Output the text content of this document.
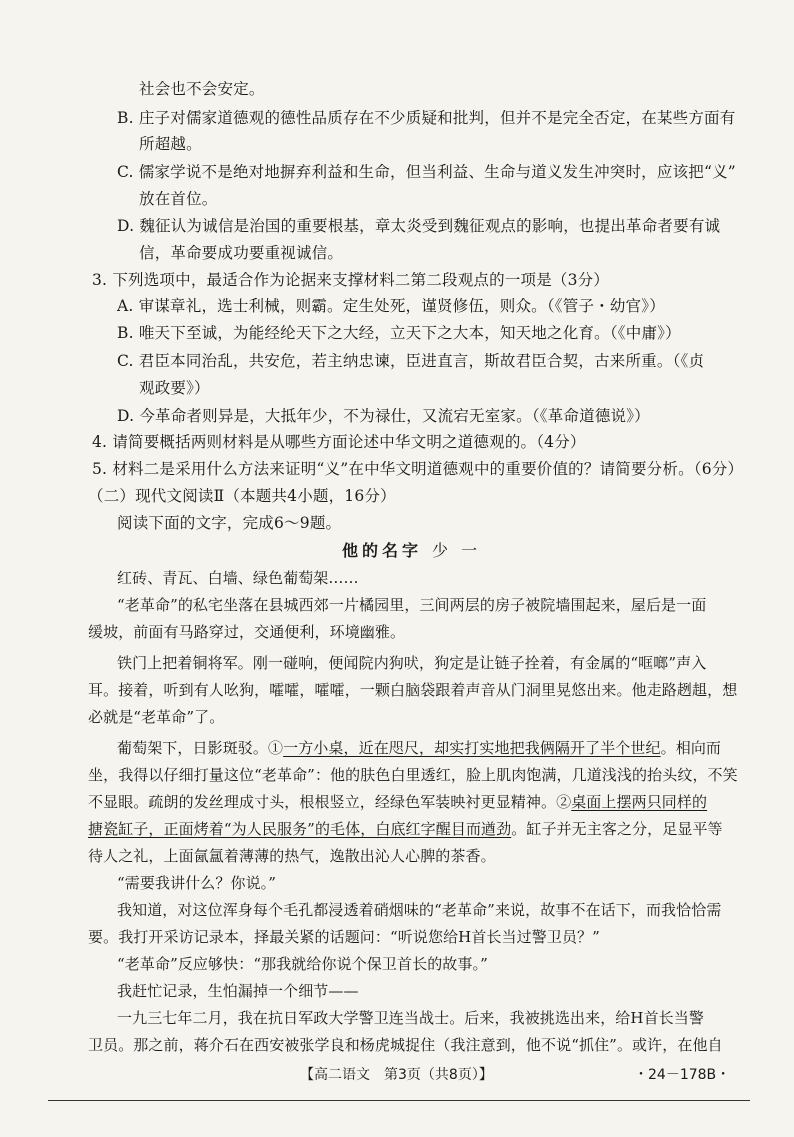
社会也不会安定。
B. 庄子对儒家道德观的德性品质存在不少质疑和批判，但并不是完全否定，在某些方面有
所超越。
C. 儒家学说不是绝对地摒弃利益和生命，但当利益、生命与道义发生冲突时，应该把“义”
放在首位。
D. 魏征认为诚信是治国的重要根基，章太炎受到魏征观点的影响，也提出革命者要有诚
信，革命要成功要重视诚信。
3. 下列选项中，最适合作为论据来支撑材料二第二段观点的一项是（3分）
A. 审谋章礼，选士利械，则霸。定生处死，谨贤修伍，则众。（《管子・幼官》）
B. 唯天下至诚，为能经纶天下之大经，立天下之大本，知天地之化育。（《中庸》）
C. 君臣本同治乱，共安危，若主纳忠谏，臣进直言，斯故君臣合契，古来所重。（《贞
观政要》）
D. 今革命者则异是，大抵年少，不为禄仕，又流宕无室家。（《革命道德说》）
4. 请简要概括两则材料是从哪些方面论述中华文明之道德观的。（4分）
5. 材料二是采用什么方法来证明“义”在中华文明道德观中的重要价值的？请简要分析。（6分）
（二）现代文阅读Ⅱ（本题共4小题，16分）
阅读下面的文字，完成6～9题。
他的名字 少 一
红砖、青瓦、白墙、绿色葡萄架……
“老革命”的私宅坐落在县城西郊一片橘园里，三间两层的房子被院墙围起来，屋后是一面
缓坡，前面有马路穿过，交通便利，环境幽雅。
铁门上把着铜将军。刚一碰响，便闻院内狗吠，狗定是让链子拴着，有金属的“哐啷”声入
耳。接着，听到有人吆狗，嚯嚯，嚯嚯，一颗白脑袋跟着声音从门洞里晃悠出来。他走路趔趄，想
必就是“老革命”了。
葡萄架下，日影斑驳。①一方小桌，近在咫尺，却实打实地把我俩隔开了半个世纪。相向而
坐，我得以仔细打量这位“老革命”：他的肤色白里透红，脸上肌肉饱满，几道浅浅的抬头纹，不笑
不显眼。疏朗的发丝理成寸头，根根竖立，经绿色军装映衬更显精神。②桌面上摆两只同样的
搪瓷缸子，正面烤着“为人民服务”的毛体，白底红字醒目而遒劲。缸子并无主客之分，足显平等
待人之礼，上面氤氲着薄薄的热气，逸散出沁人心脾的茶香。
“需要我讲什么？你说。”
我知道，对这位浑身每个毛孔都浸透着硝烟味的“老革命”来说，故事不在话下，而我恰恰需
要。我打开采访记录本，择最关紧的话题问：“听说您给H首长当过警卫员？”
“老革命”反应够快：“那我就给你说个保卫首长的故事。”
我赶忙记录，生怕漏掉一个细节——
一九三七年二月，我在抗日军政大学警卫连当战士。后来，我被挑选出来，给H首长当警
卫员。那之前，蒋介石在西安被张学良和杨虎城捉住（我注意到，他不说“抓住”。或许，在他自
【高二语文　第3页（共8页）】	・24－178B・
